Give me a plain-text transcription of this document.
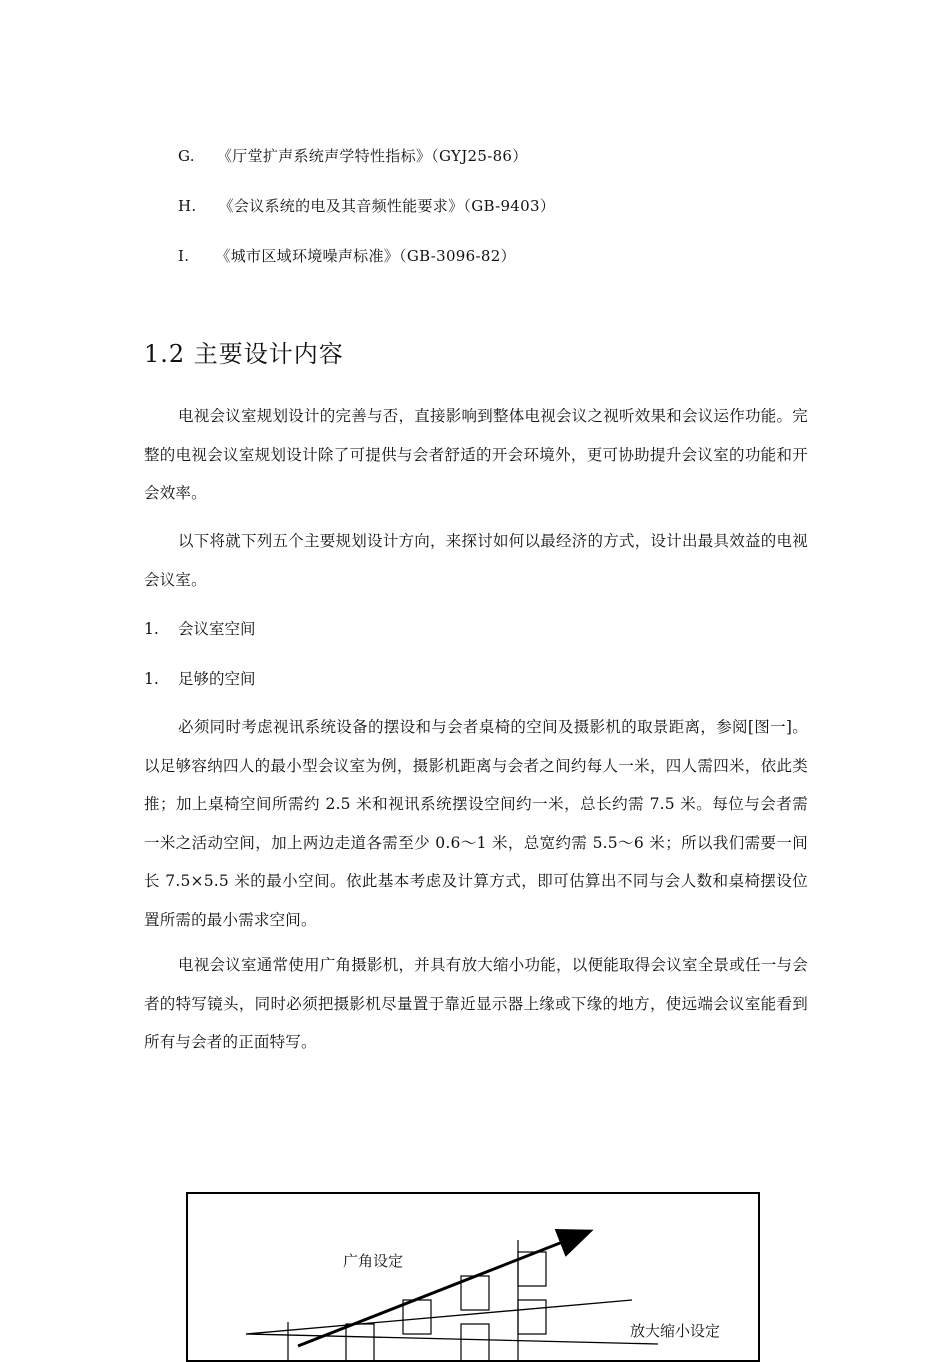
G. 《厅堂扩声系统声学特性指标》（GYJ25-86）
H. 《会议系统的电及其音频性能要求》（GB-9403）
I. 《城市区域环境噪声标准》（GB-3096-82）
1.2 主要设计内容
电视会议室规划设计的完善与否，直接影响到整体电视会议之视听效果和会议运作功能。完整的电视会议室规划设计除了可提供与会者舒适的开会环境外，更可协助提升会议室的功能和开会效率。
以下将就下列五个主要规划设计方向，来探讨如何以最经济的方式，设计出最具效益的电视会议室。
1. 会议室空间
1. 足够的空间
必须同时考虑视讯系统设备的摆设和与会者桌椅的空间及摄影机的取景距离，参阅[图一]。以足够容纳四人的最小型会议室为例，摄影机距离与会者之间约每人一米，四人需四米，依此类推；加上桌椅空间所需约 2.5 米和视讯系统摆设空间约一米，总长约需 7.5 米。每位与会者需一米之活动空间，加上两边走道各需至少 0.6～1 米，总宽约需 5.5～6 米；所以我们需要一间长 7.5×5.5 米的最小空间。依此基本考虑及计算方式，即可估算出不同与会人数和桌椅摆设位置所需的最小需求空间。
电视会议室通常使用广角摄影机，并具有放大缩小功能，以便能取得会议室全景或任一与会者的特写镜头，同时必须把摄影机尽量置于靠近显示器上缘或下缘的地方，使远端会议室能看到所有与会者的正面特写。
广角设定
放大缩小设定
